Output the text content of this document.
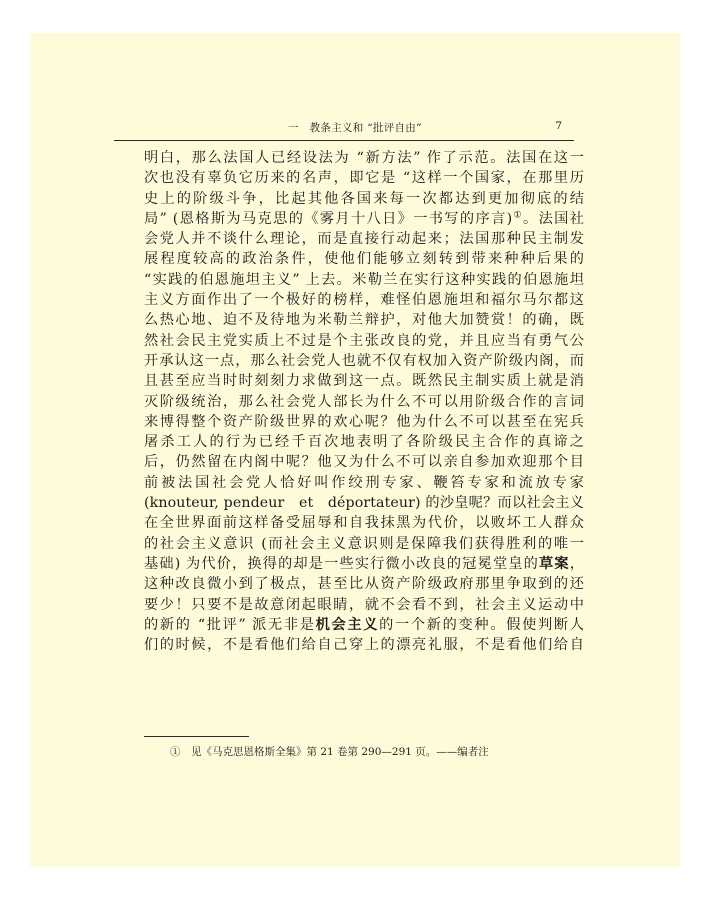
一　教条主义和 “批评自由”	7
明白，那么法国人已经设法为 “新方法” 作了示范。法国在这一
次也没有辜负它历来的名声，即它是 “这样一个国家，在那里历
史上的阶级斗争，比起其他各国来每一次都达到更加彻底的结
局” (恩格斯为马克思的《雾月十八日》一书写的序言)①。法国社
会党人并不谈什么理论，而是直接行动起来；法国那种民主制发
展程度较高的政治条件，使他们能够立刻转到带来种种后果的
“实践的伯恩施坦主义” 上去。米勒兰在实行这种实践的伯恩施坦
主义方面作出了一个极好的榜样，难怪伯恩施坦和福尔马尔都这
么热心地、迫不及待地为米勒兰辩护，对他大加赞赏！的确，既
然社会民主党实质上不过是个主张改良的党，并且应当有勇气公
开承认这一点，那么社会党人也就不仅有权加入资产阶级内阁，而
且甚至应当时时刻刻力求做到这一点。既然民主制实质上就是消
灭阶级统治，那么社会党人部长为什么不可以用阶级合作的言词
来博得整个资产阶级世界的欢心呢？他为什么不可以甚至在宪兵
屠杀工人的行为已经千百次地表明了各阶级民主合作的真谛之
后，仍然留在内阁中呢？他又为什么不可以亲自参加欢迎那个目
前被法国社会党人恰好叫作绞刑专家、鞭笞专家和流放专家
(knouteur, pendeur　et　déportateur) 的沙皇呢？而以社会主义
在全世界面前这样备受屈辱和自我抹黑为代价，以败坏工人群众
的社会主义意识 (而社会主义意识则是保障我们获得胜利的唯一
基础) 为代价，换得的却是一些实行微小改良的冠冕堂皇的草案，
这种改良微小到了极点，甚至比从资产阶级政府那里争取到的还
要少！只要不是故意闭起眼睛，就不会看不到，社会主义运动中
的新的 “批评” 派无非是机会主义的一个新的变种。假使判断人
们的时候，不是看他们给自己穿上的漂亮礼服，不是看他们给自
①　见《马克思恩格斯全集》第 21 卷第 290—291 页。——编者注
